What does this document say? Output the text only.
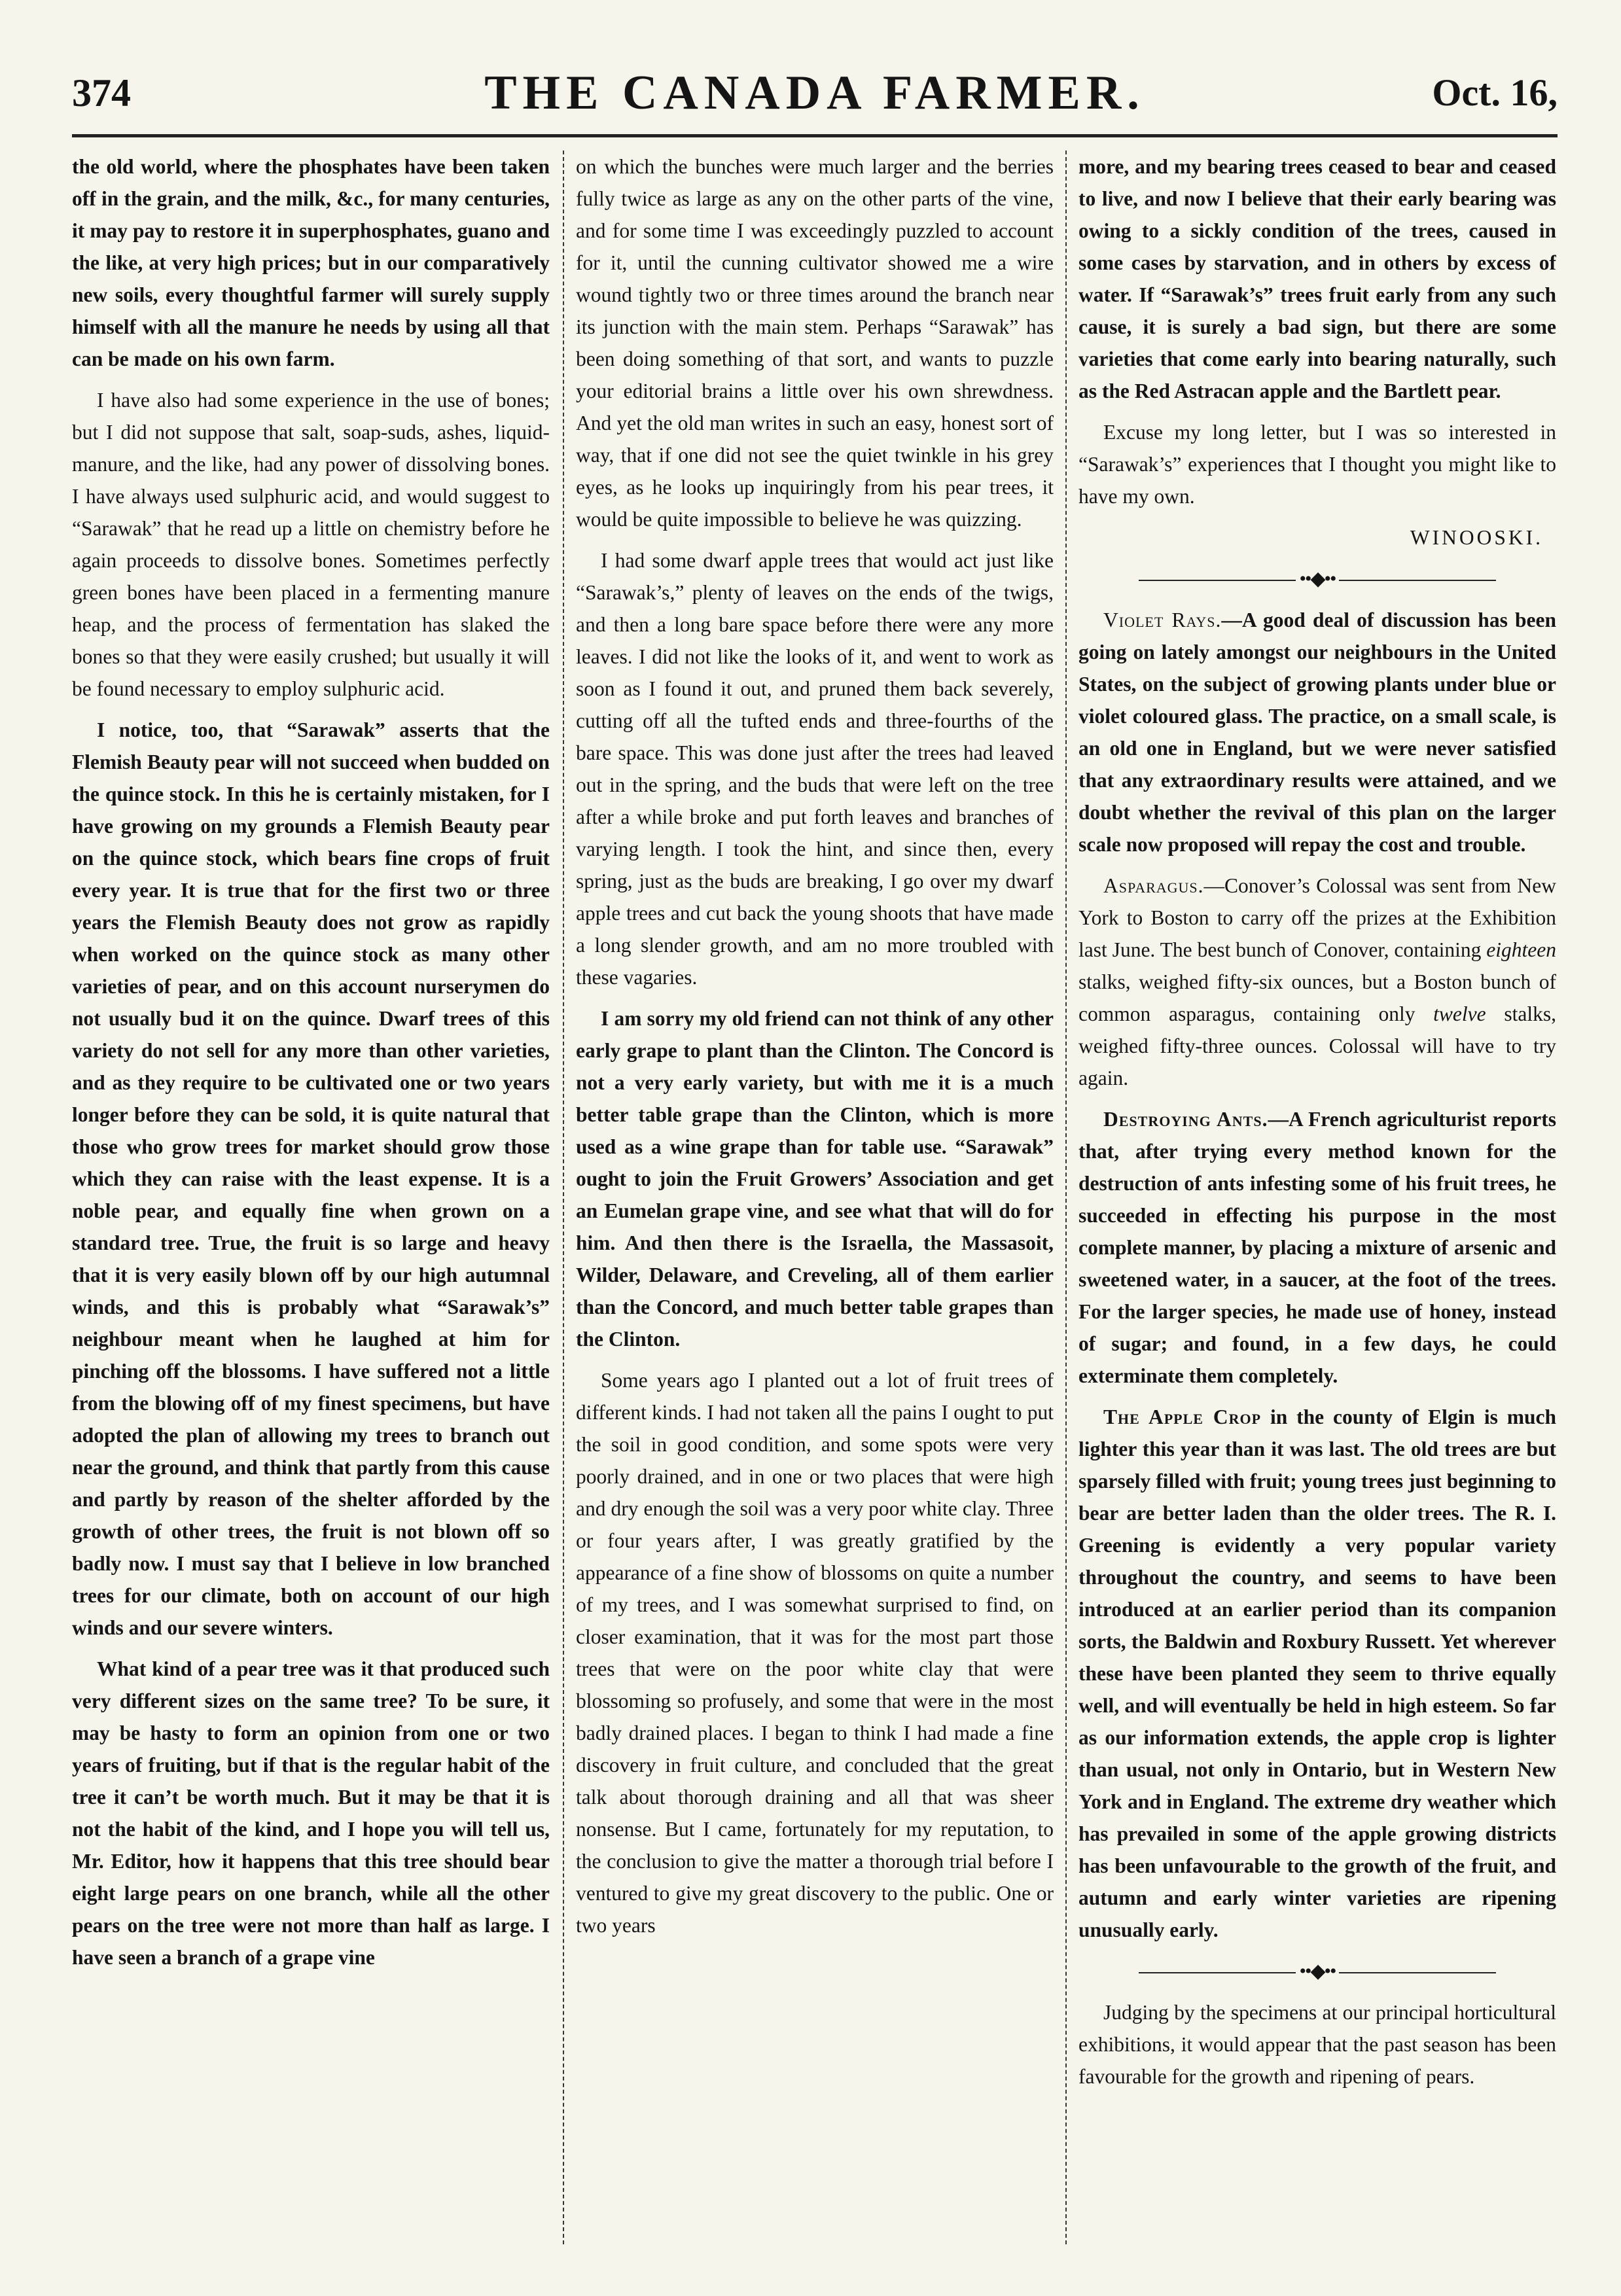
374	THE CANADA FARMER.	Oct. 16,

the old world, where the phosphates have been taken off in the grain, and the milk, &c., for many centuries, it may pay to restore it in superphosphates, guano and the like, at very high prices; but in our comparatively new soils, every thoughtful farmer will surely supply himself with all the manure he needs by using all that can be made on his own farm.

I have also had some experience in the use of bones; but I did not suppose that salt, soap-suds, ashes, liquid-manure, and the like, had any power of dissolving bones. I have always used sulphuric acid, and would suggest to “Sarawak” that he read up a little on chemistry before he again proceeds to dissolve bones. Sometimes perfectly green bones have been placed in a fermenting manure heap, and the process of fermentation has slaked the bones so that they were easily crushed; but usually it will be found necessary to employ sulphuric acid.

I notice, too, that “Sarawak” asserts that the Flemish Beauty pear will not succeed when budded on the quince stock. In this he is certainly mistaken, for I have growing on my grounds a Flemish Beauty pear on the quince stock, which bears fine crops of fruit every year. It is true that for the first two or three years the Flemish Beauty does not grow as rapidly when worked on the quince stock as many other varieties of pear, and on this account nurserymen do not usually bud it on the quince. Dwarf trees of this variety do not sell for any more than other varieties, and as they require to be cultivated one or two years longer before they can be sold, it is quite natural that those who grow trees for market should grow those which they can raise with the least expense. It is a noble pear, and equally fine when grown on a standard tree. True, the fruit is so large and heavy that it is very easily blown off by our high autumnal winds, and this is probably what “Sarawak’s” neighbour meant when he laughed at him for pinching off the blossoms. I have suffered not a little from the blowing off of my finest specimens, but have adopted the plan of allowing my trees to branch out near the ground, and think that partly from this cause and partly by reason of the shelter afforded by the growth of other trees, the fruit is not blown off so badly now. I must say that I believe in low branched trees for our climate, both on account of our high winds and our severe winters.

What kind of a pear tree was it that produced such very different sizes on the same tree? To be sure, it may be hasty to form an opinion from one or two years of fruiting, but if that is the regular habit of the tree it can’t be worth much. But it may be that it is not the habit of the kind, and I hope you will tell us, Mr. Editor, how it happens that this tree should bear eight large pears on one branch, while all the other pears on the tree were not more than half as large. I have seen a branch of a grape vine

on which the bunches were much larger and the berries fully twice as large as any on the other parts of the vine, and for some time I was exceedingly puzzled to account for it, until the cunning cultivator showed me a wire wound tightly two or three times around the branch near its junction with the main stem. Perhaps “Sarawak” has been doing something of that sort, and wants to puzzle your editorial brains a little over his own shrewdness. And yet the old man writes in such an easy, honest sort of way, that if one did not see the quiet twinkle in his grey eyes, as he looks up inquiringly from his pear trees, it would be quite impossible to believe he was quizzing.

I had some dwarf apple trees that would act just like “Sarawak’s,” plenty of leaves on the ends of the twigs, and then a long bare space before there were any more leaves. I did not like the looks of it, and went to work as soon as I found it out, and pruned them back severely, cutting off all the tufted ends and three-fourths of the bare space. This was done just after the trees had leaved out in the spring, and the buds that were left on the tree after a while broke and put forth leaves and branches of varying length. I took the hint, and since then, every spring, just as the buds are breaking, I go over my dwarf apple trees and cut back the young shoots that have made a long slender growth, and am no more troubled with these vagaries.

I am sorry my old friend can not think of any other early grape to plant than the Clinton. The Concord is not a very early variety, but with me it is a much better table grape than the Clinton, which is more used as a wine grape than for table use. “Sarawak” ought to join the Fruit Growers’ Association and get an Eumelan grape vine, and see what that will do for him. And then there is the Israella, the Massasoit, Wilder, Delaware, and Creveling, all of them earlier than the Concord, and much better table grapes than the Clinton.

Some years ago I planted out a lot of fruit trees of different kinds. I had not taken all the pains I ought to put the soil in good condition, and some spots were very poorly drained, and in one or two places that were high and dry enough the soil was a very poor white clay. Three or four years after, I was greatly gratified by the appearance of a fine show of blossoms on quite a number of my trees, and I was somewhat surprised to find, on closer examination, that it was for the most part those trees that were on the poor white clay that were blossoming so profusely, and some that were in the most badly drained places. I began to think I had made a fine discovery in fruit culture, and concluded that the great talk about thorough draining and all that was sheer nonsense. But I came, fortunately for my reputation, to the conclusion to give the matter a thorough trial before I ventured to give my great discovery to the public. One or two years

more, and my bearing trees ceased to bear and ceased to live, and now I believe that their early bearing was owing to a sickly condition of the trees, caused in some cases by starvation, and in others by excess of water. If “Sarawak’s” trees fruit early from any such cause, it is surely a bad sign, but there are some varieties that come early into bearing naturally, such as the Red Astracan apple and the Bartlett pear.

Excuse my long letter, but I was so interested in “Sarawak’s” experiences that I thought you might like to have my own.

WINOOSKI.
••◆••

Violet Rays.—A good deal of discussion has been going on lately amongst our neighbours in the United States, on the subject of growing plants under blue or violet coloured glass. The practice, on a small scale, is an old one in England, but we were never satisfied that any extraordinary results were attained, and we doubt whether the revival of this plan on the larger scale now proposed will repay the cost and trouble.

Asparagus.—Conover’s Colossal was sent from New York to Boston to carry off the prizes at the Exhibition last June. The best bunch of Conover, containing eighteen stalks, weighed fifty-six ounces, but a Boston bunch of common asparagus, containing only twelve stalks, weighed fifty-three ounces. Colossal will have to try again.

Destroying Ants.—A French agriculturist reports that, after trying every method known for the destruction of ants infesting some of his fruit trees, he succeeded in effecting his purpose in the most complete manner, by placing a mixture of arsenic and sweetened water, in a saucer, at the foot of the trees. For the larger species, he made use of honey, instead of sugar; and found, in a few days, he could exterminate them completely.

The Apple Crop in the county of Elgin is much lighter this year than it was last. The old trees are but sparsely filled with fruit; young trees just beginning to bear are better laden than the older trees. The R. I. Greening is evidently a very popular variety throughout the country, and seems to have been introduced at an earlier period than its companion sorts, the Baldwin and Roxbury Russett. Yet wherever these have been planted they seem to thrive equally well, and will eventually be held in high esteem. So far as our information extends, the apple crop is lighter than usual, not only in Ontario, but in Western New York and in England. The extreme dry weather which has prevailed in some of the apple growing districts has been unfavourable to the growth of the fruit, and autumn and early winter varieties are ripening unusually early.

••◆••

Judging by the specimens at our principal horticultural exhibitions, it would appear that the past season has been favourable for the growth and ripening of pears.
